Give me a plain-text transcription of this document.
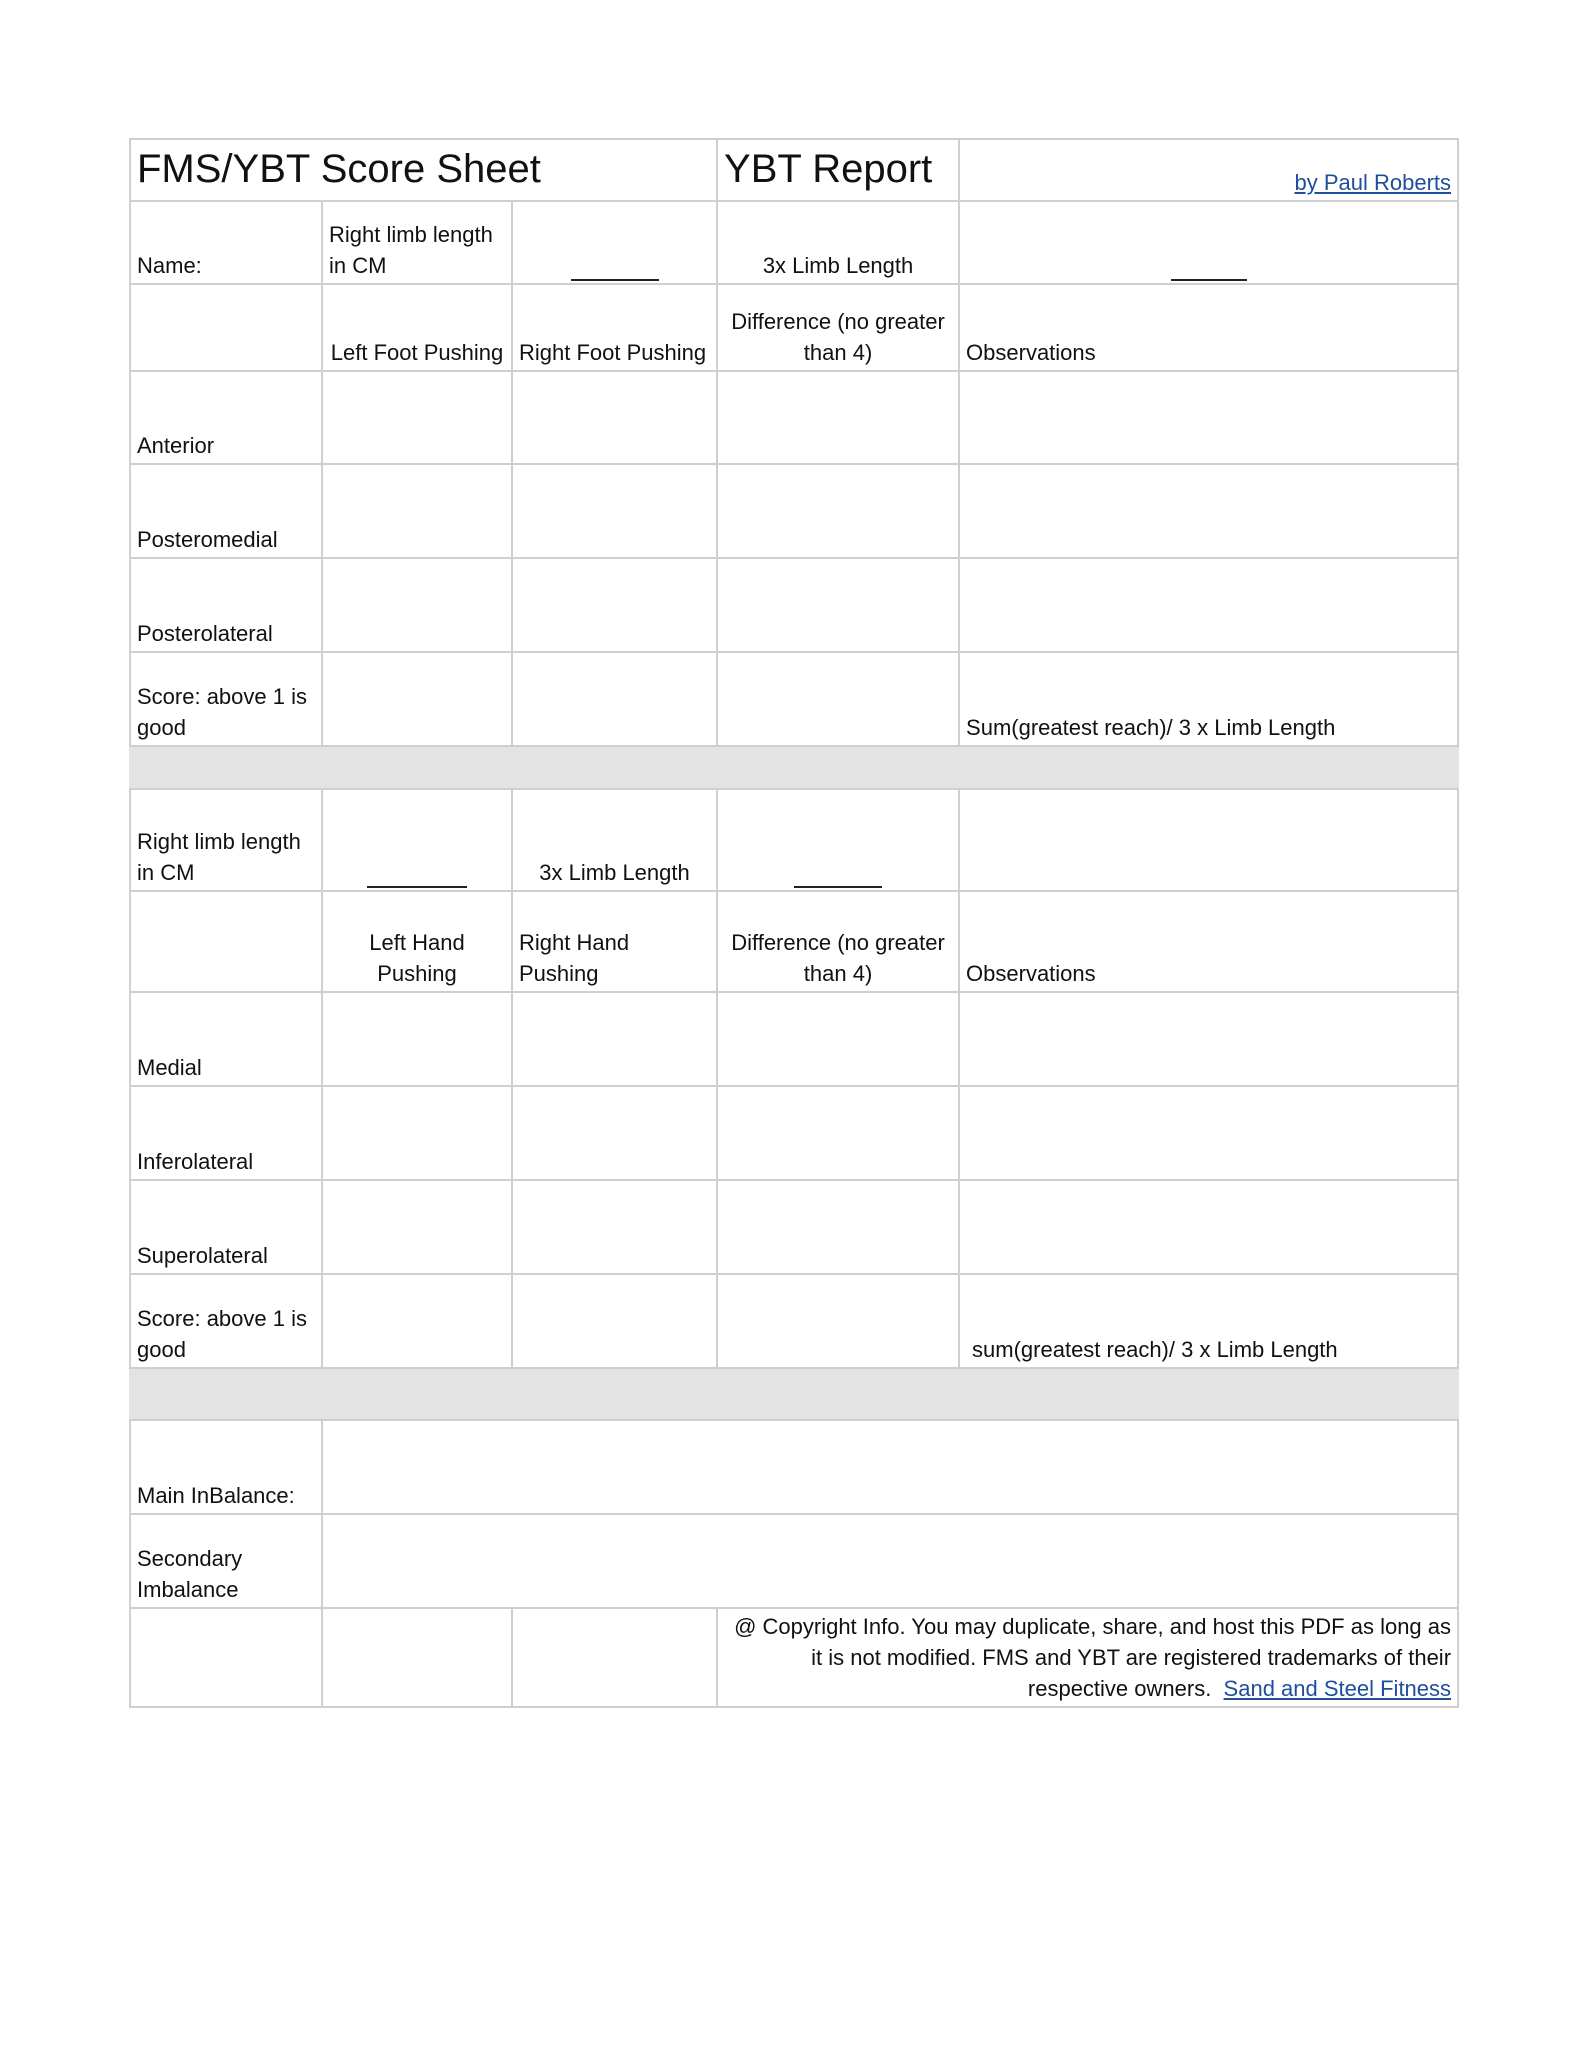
FMS/YBT Score Sheet			YBT Report	by Paul Roberts
Name:	Right limb length in CM		3x Limb Length	
	Left Foot Pushing	Right Foot Pushing	Difference (no greater than 4)	Observations
Anterior				
Posteromedial				
Posterolateral				
Score: above 1 is good				Sum(greatest reach)/ 3 x Limb Length

Right limb length in CM		3x Limb Length		
	Left Hand Pushing	Right Hand Pushing	Difference (no greater than 4)	Observations
Medial				
Inferolateral				
Superolateral				
Score: above 1 is good				sum(greatest reach)/ 3 x Limb Length

Main InBalance:				
Secondary Imbalance				
			@ Copyright Info. You may duplicate, share, and host this PDF as long as it is not modified. FMS and YBT are registered trademarks of their respective owners. Sand and Steel Fitness	
